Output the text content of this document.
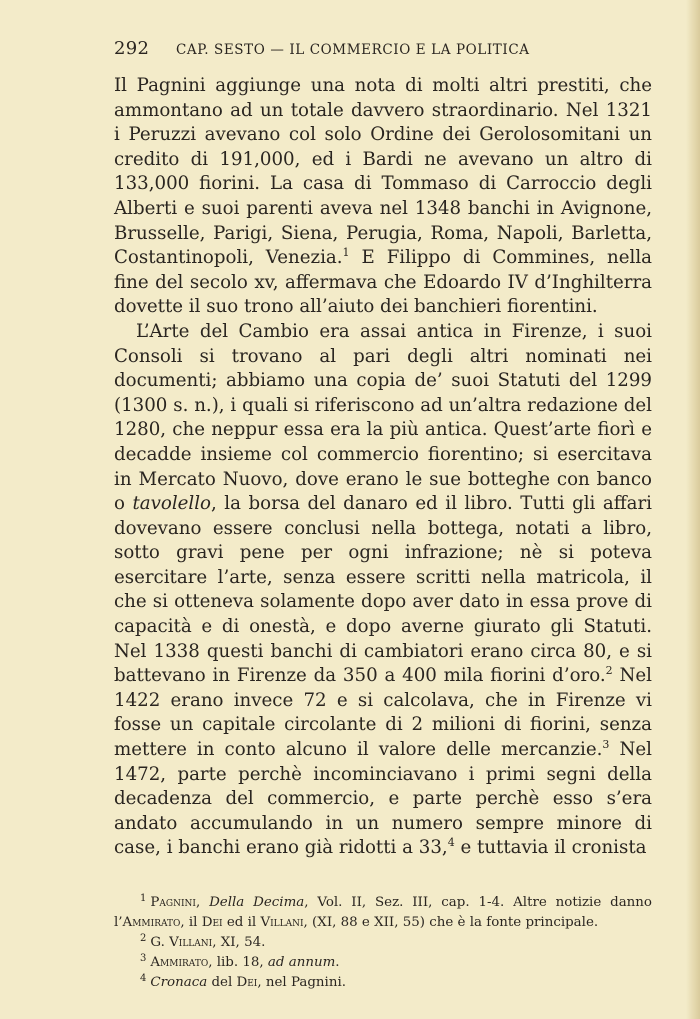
292	CAP. SESTO — IL COMMERCIO E LA POLITICA

Il Pagnini aggiunge una nota di molti altri prestiti, che ammontano ad un totale davvero straordinario. Nel 1321 i Peruzzi avevano col solo Ordine dei Gerolosomitani un credito di 191,000, ed i Bardi ne avevano un altro di 133,000 fiorini. La casa di Tommaso di Carroccio degli Alberti e suoi parenti aveva nel 1348 banchi in Avignone, Brusselle, Parigi, Siena, Perugia, Roma, Napoli, Barletta, Costantinopoli, Venezia.$^1$ E Filippo di Commines, nella fine del secolo xv, affermava che Edoardo IV d’Inghilterra dovette il suo trono all’aiuto dei banchieri fiorentini.

L’Arte del Cambio era assai antica in Firenze, i suoi Consoli si trovano al pari degli altri nominati nei documenti; abbiamo una copia de’ suoi Statuti del 1299 (1300 s. n.), i quali si riferiscono ad un’altra redazione del 1280, che neppur essa era la più antica. Quest’arte fiorì e decadde insieme col commercio fiorentino; si esercitava in Mercato Nuovo, dove erano le sue botteghe con banco o tavolello, la borsa del danaro ed il libro. Tutti gli affari dovevano essere conclusi nella bottega, notati a libro, sotto gravi pene per ogni infrazione; nè si poteva esercitare l’arte, senza essere scritti nella matricola, il che si otteneva solamente dopo aver dato in essa prove di capacità e di onestà, e dopo averne giurato gli Statuti. Nel 1338 questi banchi di cambiatori erano circa 80, e si battevano in Firenze da 350 a 400 mila fiorini d’oro.$^2$ Nel 1422 erano invece 72 e si calcolava, che in Firenze vi fosse un capitale circolante di 2 milioni di fiorini, senza mettere in conto alcuno il valore delle mercanzie.$^3$ Nel 1472, parte perchè incominciavano i primi segni della decadenza del commercio, e parte perchè esso s’era andato accumulando in un numero sempre minore di case, i banchi erano già ridotti a 33,$^4$ e tuttavia il cronista

$^1$ Pagnini, Della Decima, Vol. II, Sez. III, cap. 1-4. Altre notizie danno l’Ammirato, il Dei ed il Villani, (XI, 88 e XII, 55) che è la fonte principale.

$^2$ G. Villani, XI, 54.

$^3$ Ammirato, lib. 18, ad annum.

$^4$ Cronaca del Dei, nel Pagnini.
